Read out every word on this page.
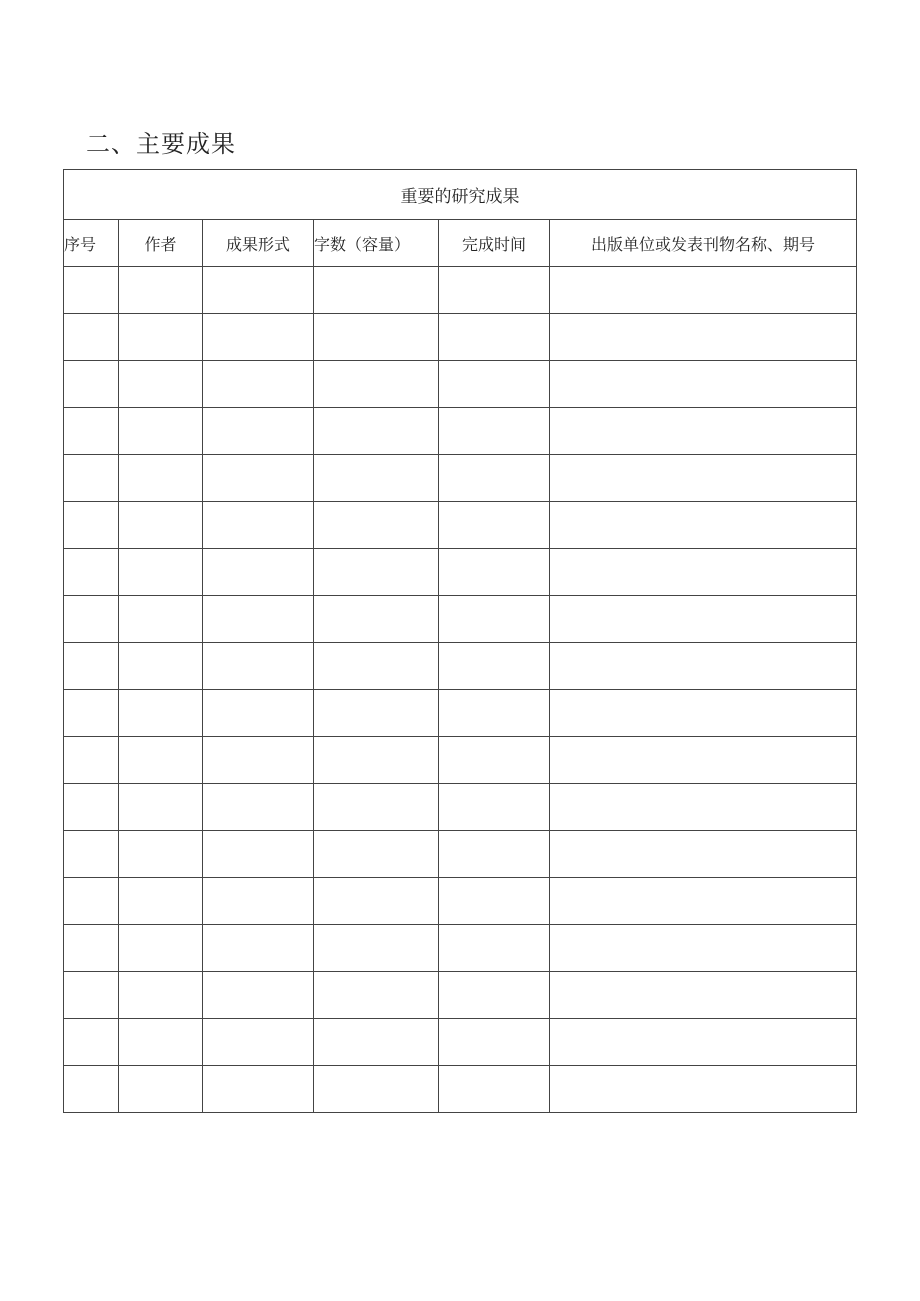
二、主要成果
重要的研究成果					
序号	作者	成果形式	字数（容量）	完成时间	出版单位或发表刊物名称、期号
